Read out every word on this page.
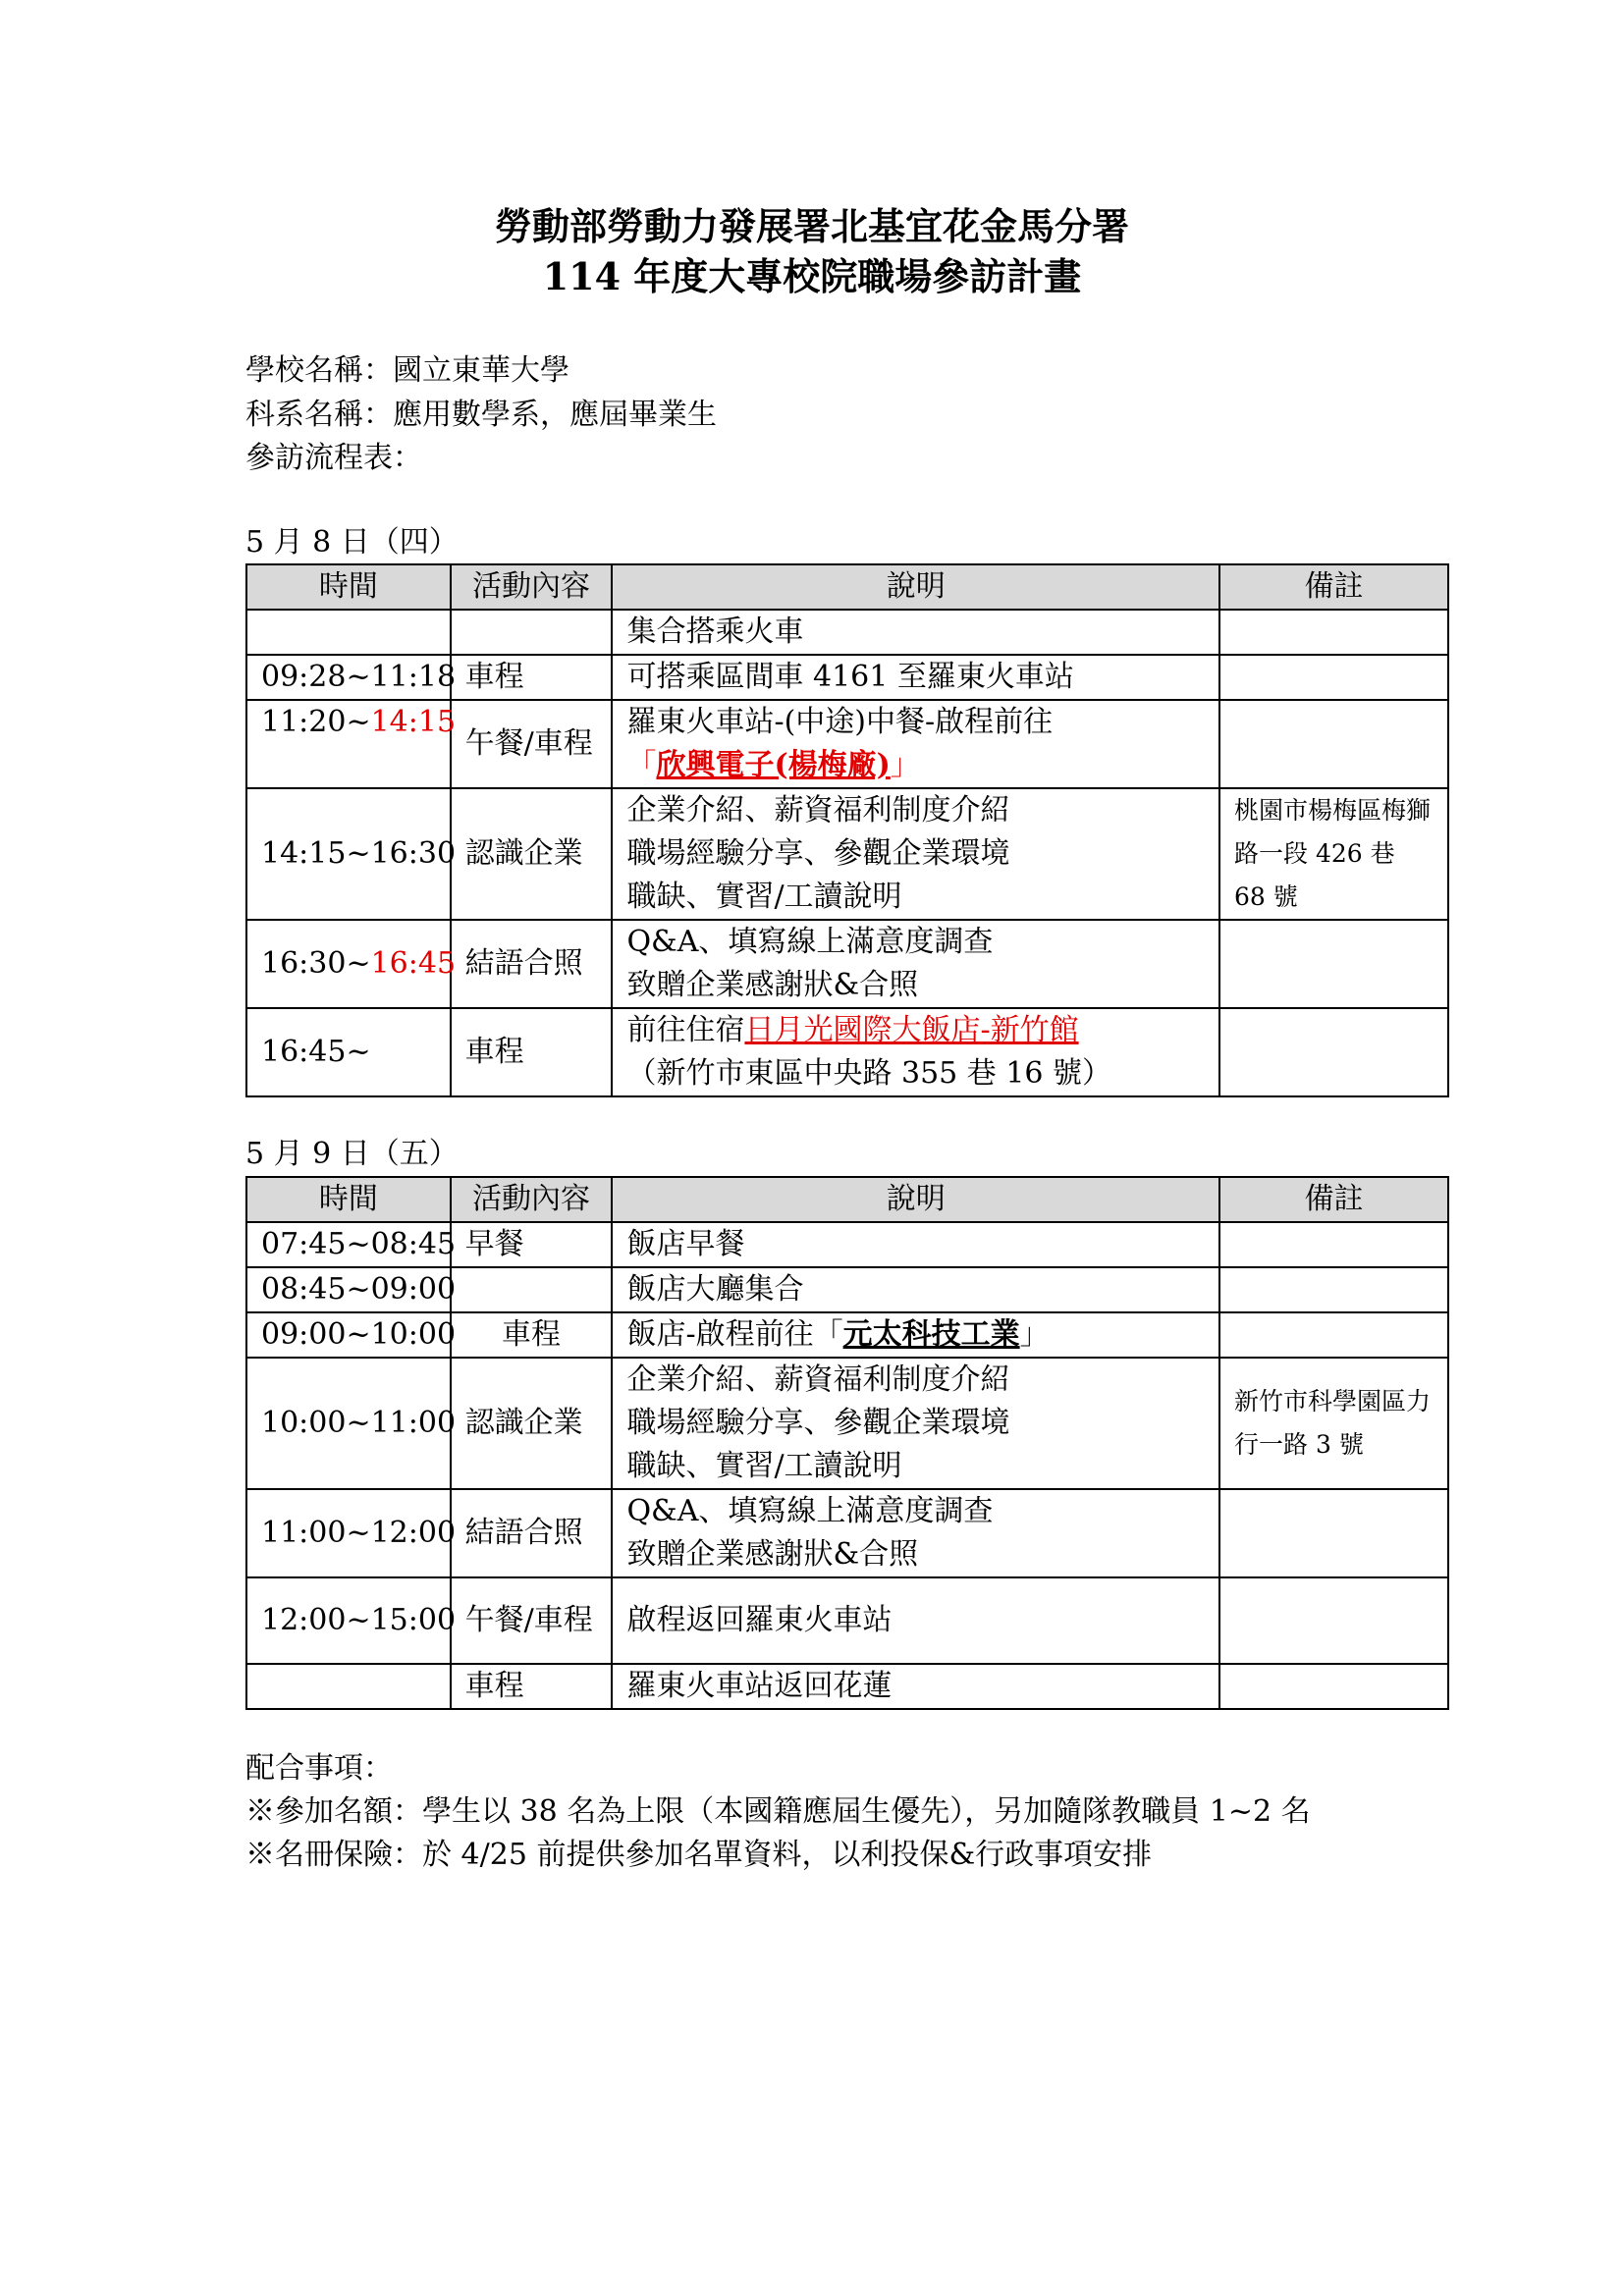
勞動部勞動力發展署北基宜花金馬分署
114 年度大專校院職場參訪計畫
學校名稱：國立東華大學
科系名稱：應用數學系，應屆畢業生
參訪流程表：
5 月 8 日（四）
時間	活動內容	說明	備註
		集合搭乘火車	
09:28~11:18	車程	可搭乘區間車 4161 至羅東火車站	
11:20~14:15	午餐/車程	羅東火車站-(中途)中餐-啟程前往
「欣興電子(楊梅廠)」	

14:15~16:30	認識企業	企業介紹、薪資福利制度介紹
職場經驗分享、參觀企業環境
職缺、實習/工讀說明	桃園市楊梅區梅獅路一段 426 巷 68 號
16:30~16:45	結語合照	Q&A、填寫線上滿意度調查
致贈企業感謝狀&合照	

16:45~	車程	前往住宿日月光國際大飯店-新竹館
（新竹市東區中央路 355 巷 16 號）	

5 月 9 日（五）
時間	活動內容	說明	備註
07:45~08:45	早餐	飯店早餐	
08:45~09:00		飯店大廳集合	
09:00~10:00	車程	飯店-啟程前往「元太科技工業」	
10:00~11:00	認識企業	企業介紹、薪資福利制度介紹
職場經驗分享、參觀企業環境
職缺、實習/工讀說明	新竹市科學園區力行一路 3 號
11:00~12:00	結語合照	Q&A、填寫線上滿意度調查
致贈企業感謝狀&合照	

12:00~15:00	午餐/車程	啟程返回羅東火車站	
	車程	羅東火車站返回花蓮	
配合事項：
※參加名額：學生以 38 名為上限（本國籍應屆生優先），另加隨隊教職員 1~2 名
※名冊保險：於 4/25 前提供參加名單資料，以利投保&行政事項安排
